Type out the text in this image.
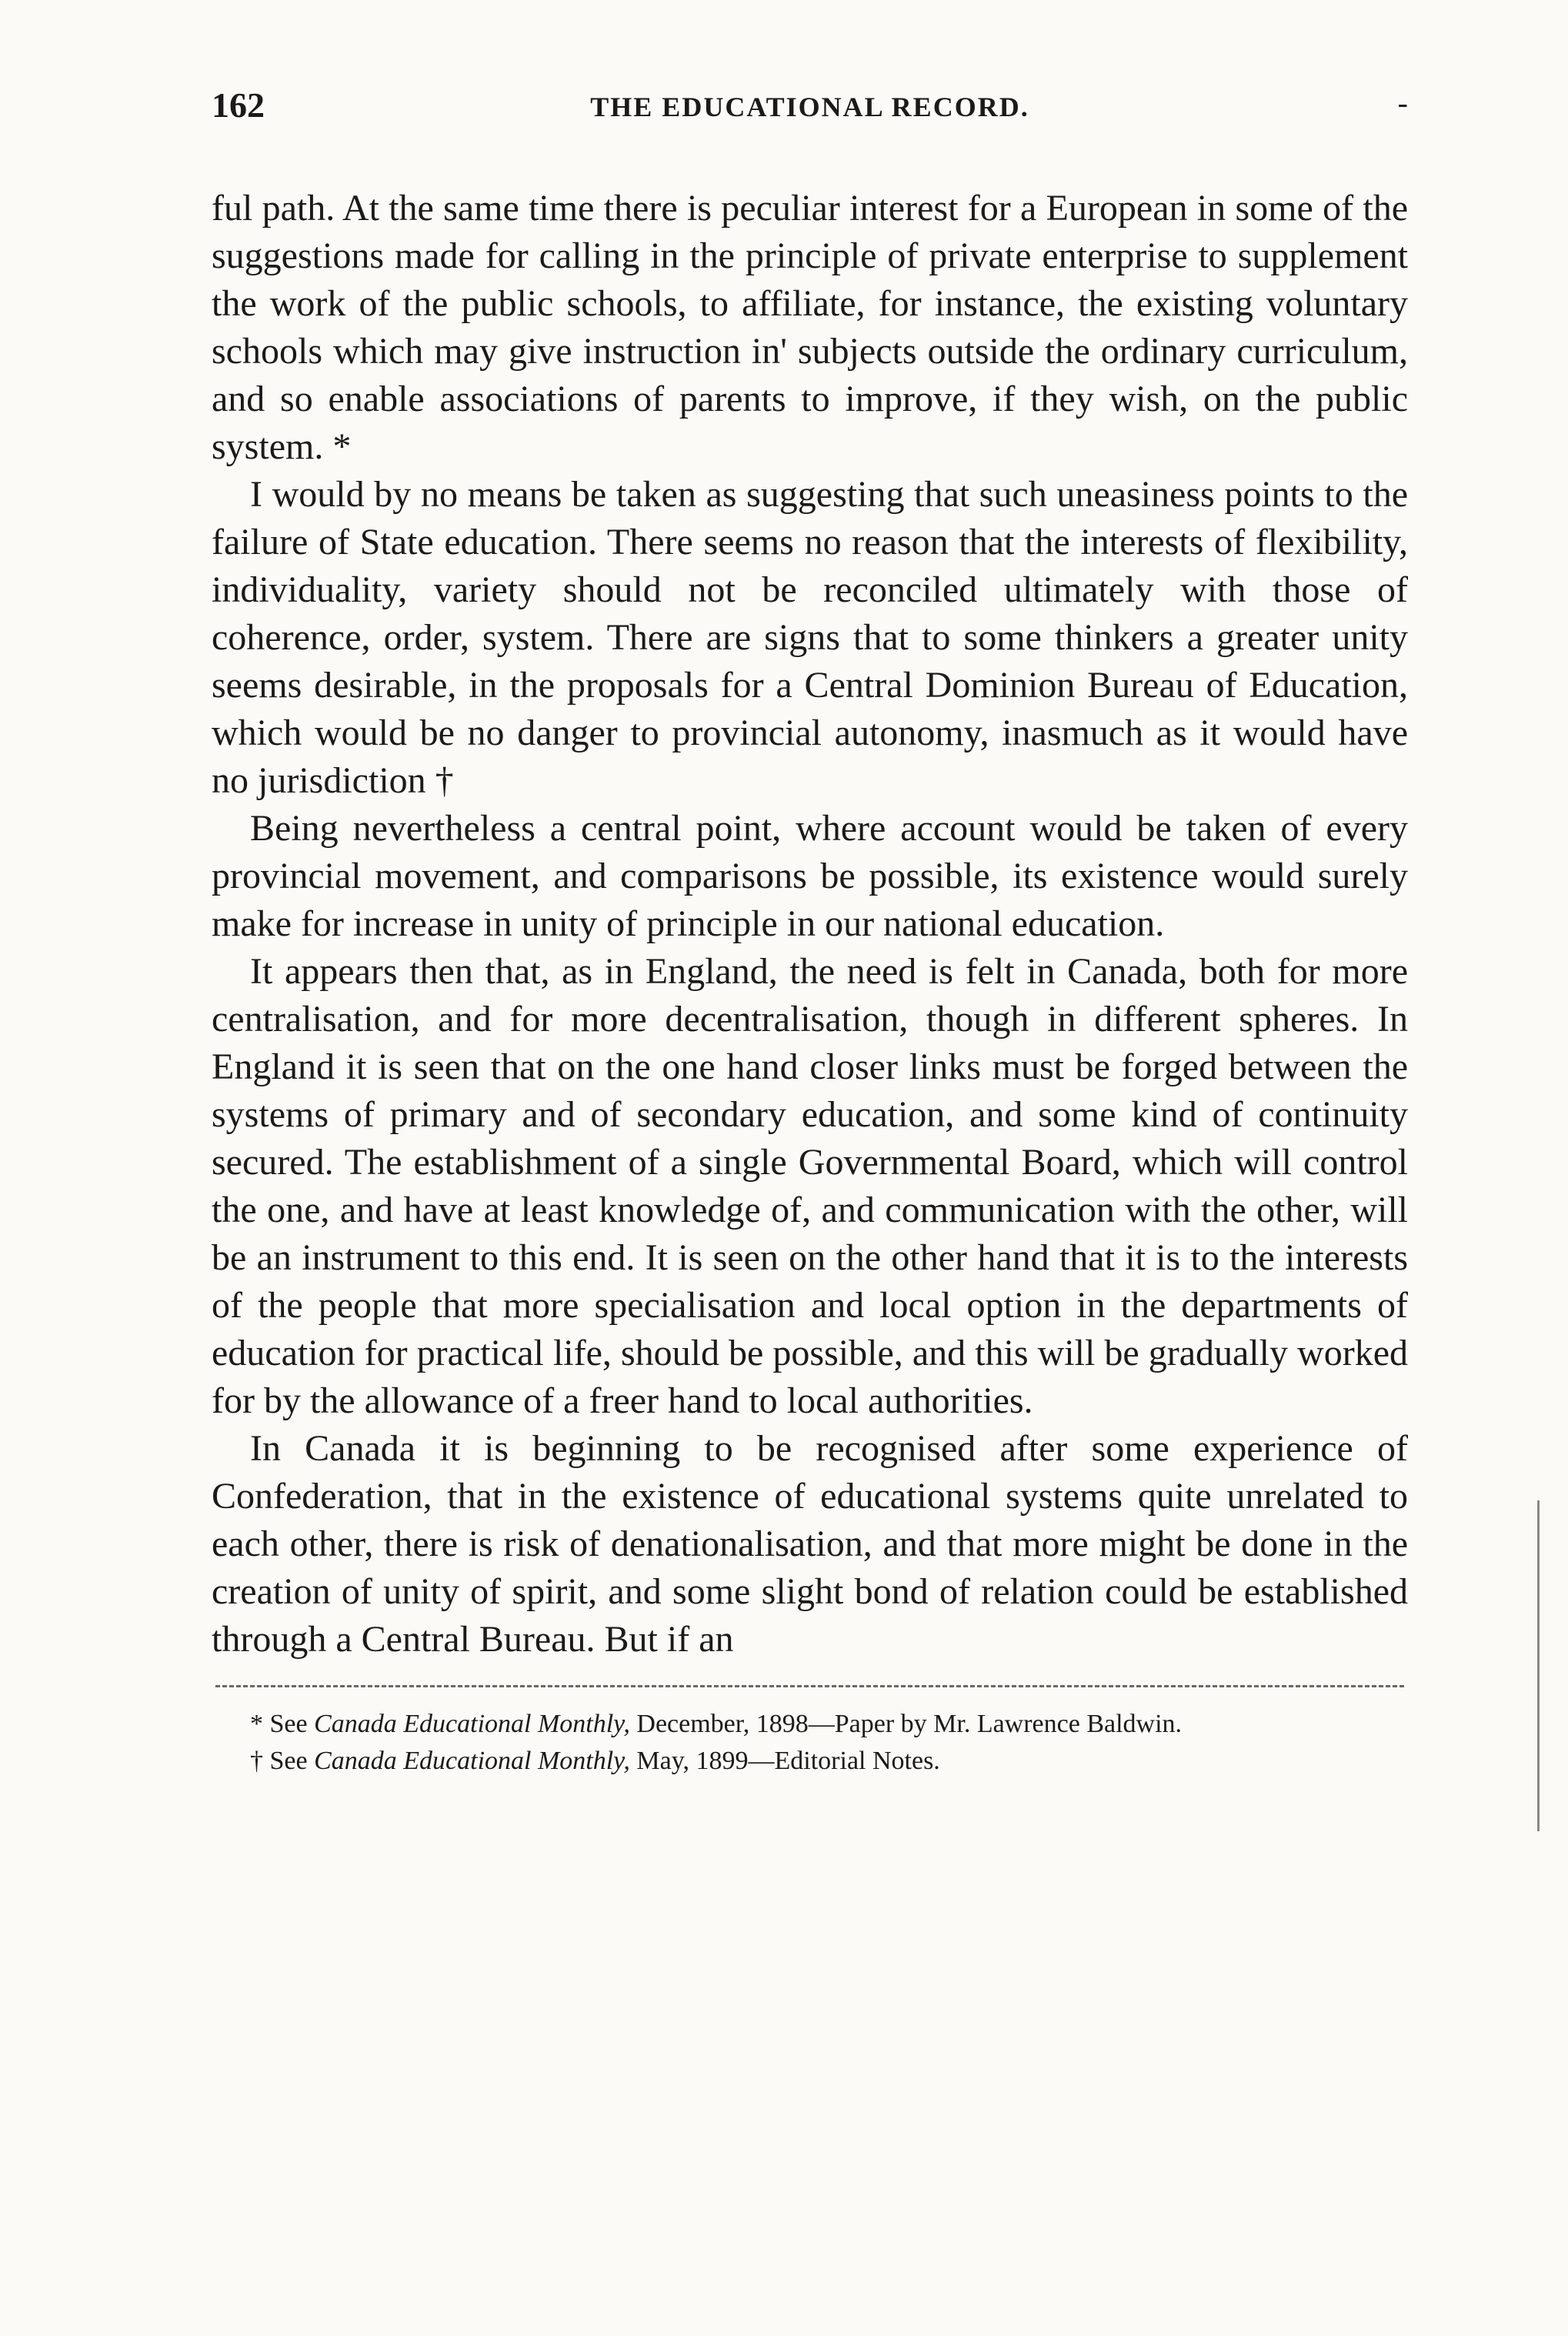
162	THE EDUCATIONAL RECORD.	-

ful path. At the same time there is peculiar interest for a European in some of the suggestions made for calling in the principle of private enterprise to supplement the work of the public schools, to affiliate, for instance, the existing voluntary schools which may give instruction in' subjects outside the ordinary curriculum, and so enable associations of parents to improve, if they wish, on the public system. *

I would by no means be taken as suggesting that such uneasiness points to the failure of State education. There seems no reason that the interests of flexibility, individuality, variety should not be reconciled ultimately with those of coherence, order, system. There are signs that to some thinkers a greater unity seems desirable, in the proposals for a Central Dominion Bureau of Education, which would be no danger to provincial autonomy, inasmuch as it would have no jurisdiction †

Being nevertheless a central point, where account would be taken of every provincial movement, and comparisons be possible, its existence would surely make for increase in unity of principle in our national education.

It appears then that, as in England, the need is felt in Canada, both for more centralisation, and for more decentralisation, though in different spheres. In England it is seen that on the one hand closer links must be forged between the systems of primary and of secondary education, and some kind of continuity secured. The establishment of a single Governmental Board, which will control the one, and have at least knowledge of, and communication with the other, will be an instrument to this end. It is seen on the other hand that it is to the interests of the people that more specialisation and local option in the departments of education for practical life, should be possible, and this will be gradually worked for by the allowance of a freer hand to local authorities.

In Canada it is beginning to be recognised after some experience of Confederation, that in the existence of educational systems quite unrelated to each other, there is risk of denationalisation, and that more might be done in the creation of unity of spirit, and some slight bond of relation could be established through a Central Bureau. But if an

* See Canada Educational Monthly, December, 1898—Paper by Mr. Lawrence Baldwin.

† See Canada Educational Monthly, May, 1899—Editorial Notes.
